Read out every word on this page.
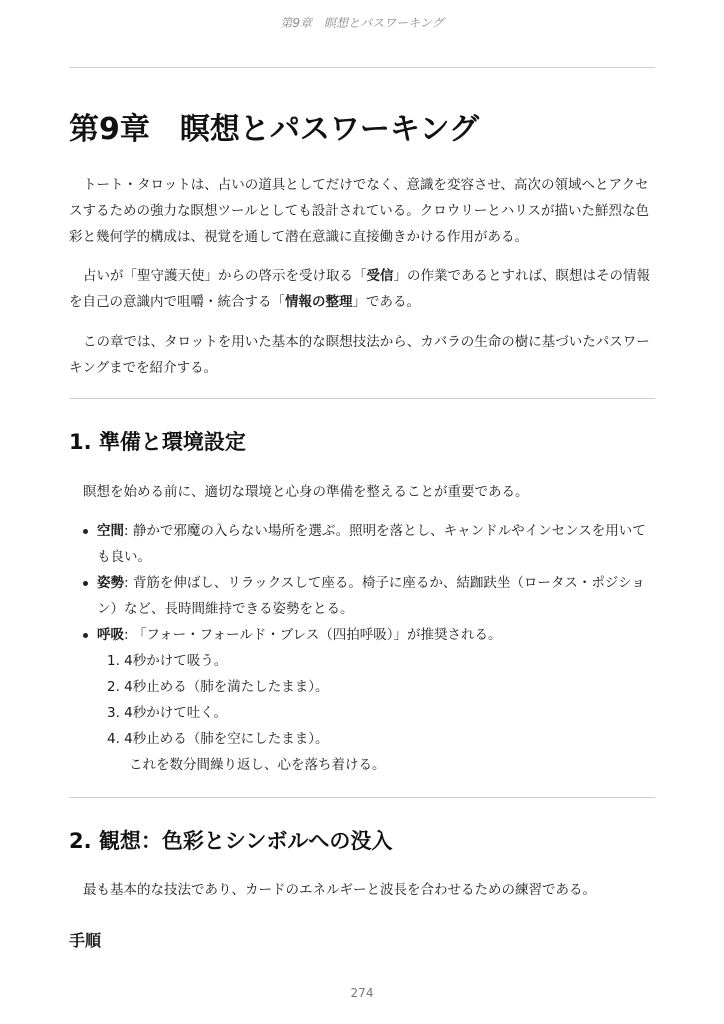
第9章　瞑想とパスワーキング
第9章　瞑想とパスワーキング

トート・タロットは、占いの道具としてだけでなく、意識を変容させ、高次の領域へとアクセスするための強力な瞑想ツールとしても設計されている。クロウリーとハリスが描いた鮮烈な色彩と幾何学的構成は、視覚を通して潜在意識に直接働きかける作用がある。

占いが「聖守護天使」からの啓示を受け取る「受信」の作業であるとすれば、瞑想はその情報を自己の意識内で咀嚼・統合する「情報の整理」である。

この章では、タロットを用いた基本的な瞑想技法から、カバラの生命の樹に基づいたパスワーキングまでを紹介する。

1. 準備と環境設定

瞑想を始める前に、適切な環境と心身の準備を整えることが重要である。

空間: 静かで邪魔の入らない場所を選ぶ。照明を落とし、キャンドルやインセンスを用いても良い。
姿勢: 背筋を伸ばし、リラックスして座る。椅子に座るか、結跏趺坐（ロータス・ポジション）など、長時間維持できる姿勢をとる。
呼吸: 「フォー・フォールド・ブレス（四拍呼吸）」が推奨される。
1. 4秒かけて吸う。
2. 4秒止める（肺を満たしたまま）。
3. 4秒かけて吐く。
4. 4秒止める（肺を空にしたまま）。
これを数分間繰り返し、心を落ち着ける。
2. 観想：色彩とシンボルへの没入

最も基本的な技法であり、カードのエネルギーと波長を合わせるための練習である。

手順
274
